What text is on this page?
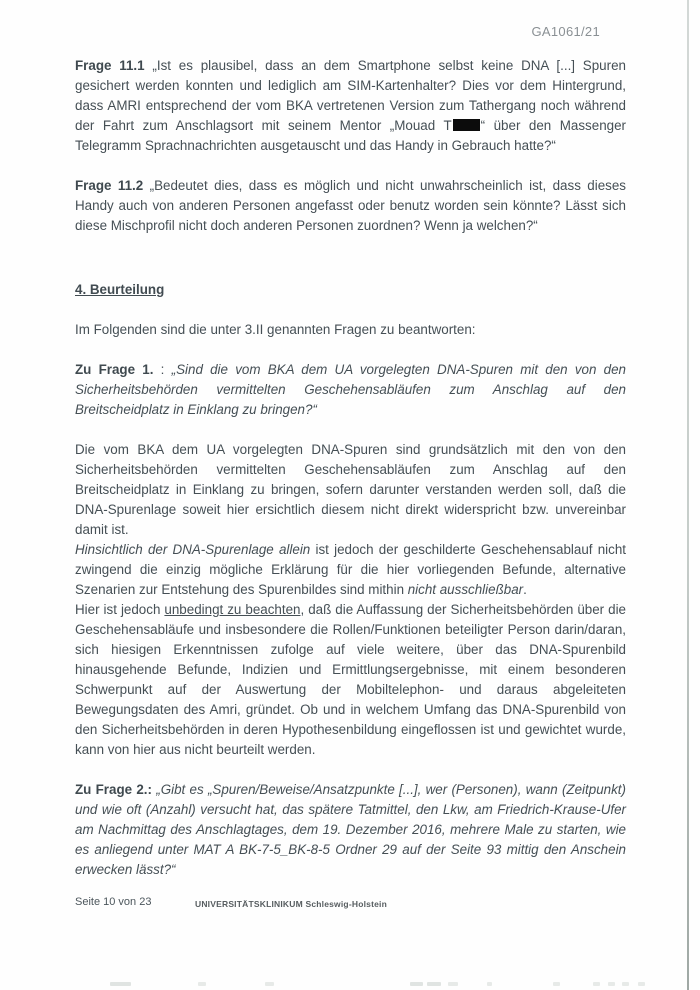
GA1061/21

Frage 11.1 „Ist es plausibel, dass an dem Smartphone selbst keine DNA [...] Spuren gesichert werden konnten und lediglich am SIM-Kartenhalter? Dies vor dem Hintergrund, dass AMRI entsprechend der vom BKA vertretenen Version zum Tathergang noch während der Fahrt zum Anschlagsort mit seinem Mentor „Mouad T “ über den Massenger Telegramm Sprachnachrichten ausgetauscht und das Handy in Gebrauch hatte?“

Frage 11.2 „Bedeutet dies, dass es möglich und nicht unwahrscheinlich ist, dass dieses Handy auch von anderen Personen angefasst oder benutz worden sein könnte? Lässt sich diese Mischprofil nicht doch anderen Personen zuordnen? Wenn ja welchen?“

4. Beurteilung

Im Folgenden sind die unter 3.II genannten Fragen zu beantworten:

Zu Frage 1. : „Sind die vom BKA dem UA vorgelegten DNA-Spuren mit den von den Sicherheitsbehörden vermittelten Geschehensabläufen zum Anschlag auf den Breitscheidplatz in Einklang zu bringen?“

Die vom BKA dem UA vorgelegten DNA-Spuren sind grundsätzlich mit den von den Sicherheitsbehörden vermittelten Geschehensabläufen zum Anschlag auf den Breitscheidplatz in Einklang zu bringen, sofern darunter verstanden werden soll, daß die DNA-Spurenlage soweit hier ersichtlich diesem nicht direkt widerspricht bzw. unvereinbar damit ist.

Hinsichtlich der DNA-Spurenlage allein ist jedoch der geschilderte Geschehensablauf nicht zwingend die einzig mögliche Erklärung für die hier vorliegenden Befunde, alternative Szenarien zur Entstehung des Spurenbildes sind mithin nicht ausschließbar.

Hier ist jedoch unbedingt zu beachten, daß die Auffassung der Sicherheitsbehörden über die Geschehensabläufe und insbesondere die Rollen/Funktionen beteiligter Person darin/daran, sich hiesigen Erkenntnissen zufolge auf viele weitere, über das DNA-Spurenbild hinausgehende Befunde, Indizien und Ermittlungsergebnisse, mit einem besonderen Schwerpunkt auf der Auswertung der Mobiltelephon- und daraus abgeleiteten Bewegungsdaten des Amri, gründet. Ob und in welchem Umfang das DNA-Spurenbild von den Sicherheitsbehörden in deren Hypothesenbildung eingeflossen ist und gewichtet wurde, kann von hier aus nicht beurteilt werden.

Zu Frage 2.: „Gibt es „Spuren/Beweise/Ansatzpunkte [...], wer (Personen), wann (Zeitpunkt) und wie oft (Anzahl) versucht hat, das spätere Tatmittel, den Lkw, am Friedrich-Krause-Ufer am Nachmittag des Anschlagtages, dem 19. Dezember 2016, mehrere Male zu starten, wie es anliegend unter MAT A BK-7-5_BK-8-5 Ordner 29 auf der Seite 93 mittig den Anschein erwecken lässt?“

Seite 10 von 23	UNIVERSITÄTSKLINIKUM Schleswig-Holstein
